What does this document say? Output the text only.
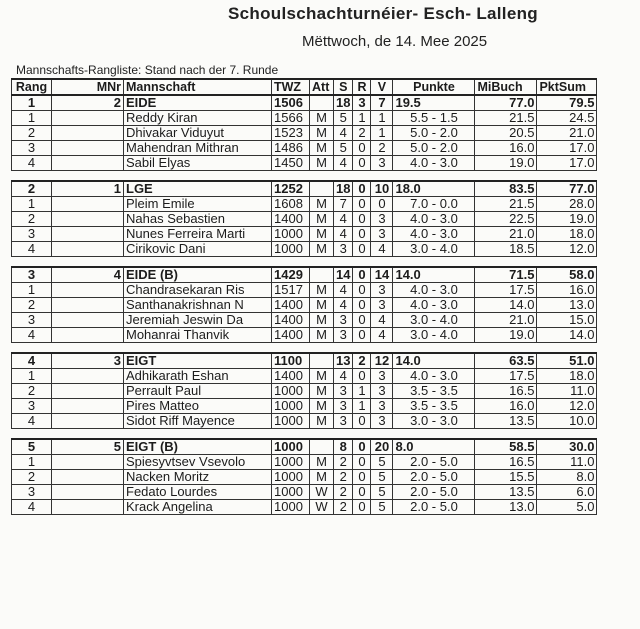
Schoulschachturnéier- Esch- Lalleng
Mëttwoch, de 14. Mee 2025
Mannschafts-Rangliste: Stand nach der 7. Runde
Rang	MNr	Mannschaft	TWZ	Att	S	R	V	Punkte	MiBuch	PktSum
1	2	EIDE	1506		18	3	7	19.5	77.0	79.5
1		Reddy Kiran	1566	M	5	1	1	5.5 - 1.5	21.5	24.5
2		Dhivakar Viduyut	1523	M	4	2	1	5.0 - 2.0	20.5	21.0
3		Mahendran Mithran	1486	M	5	0	2	5.0 - 2.0	16.0	17.0
4		Sabil Elyas	1450	M	4	0	3	4.0 - 3.0	19.0	17.0

2	1	LGE	1252		18	0	10	18.0	83.5	77.0
1		Pleim Emile	1608	M	7	0	0	7.0 - 0.0	21.5	28.0
2		Nahas Sebastien	1400	M	4	0	3	4.0 - 3.0	22.5	19.0
3		Nunes Ferreira Marti	1000	M	4	0	3	4.0 - 3.0	21.0	18.0
4		Cirikovic Dani	1000	M	3	0	4	3.0 - 4.0	18.5	12.0

3	4	EIDE (B)	1429		14	0	14	14.0	71.5	58.0
1		Chandrasekaran Ris	1517	M	4	0	3	4.0 - 3.0	17.5	16.0
2		Santhanakrishnan N	1400	M	4	0	3	4.0 - 3.0	14.0	13.0
3		Jeremiah Jeswin Da	1400	M	3	0	4	3.0 - 4.0	21.0	15.0
4		Mohanrai Thanvik	1400	M	3	0	4	3.0 - 4.0	19.0	14.0

4	3	EIGT	1100		13	2	12	14.0	63.5	51.0
1		Adhikarath Eshan	1400	M	4	0	3	4.0 - 3.0	17.5	18.0
2		Perrault Paul	1000	M	3	1	3	3.5 - 3.5	16.5	11.0
3		Pires Matteo	1000	M	3	1	3	3.5 - 3.5	16.0	12.0
4		Sidot Riff Mayence	1000	M	3	0	3	3.0 - 3.0	13.5	10.0

5	5	EIGT (B)	1000		8	0	20	8.0	58.5	30.0
1		Spiesyvtsev Vsevolo	1000	M	2	0	5	2.0 - 5.0	16.5	11.0
2		Nacken Moritz	1000	M	2	0	5	2.0 - 5.0	15.5	8.0
3		Fedato Lourdes	1000	W	2	0	5	2.0 - 5.0	13.5	6.0
4		Krack Angelina	1000	W	2	0	5	2.0 - 5.0	13.0	5.0
